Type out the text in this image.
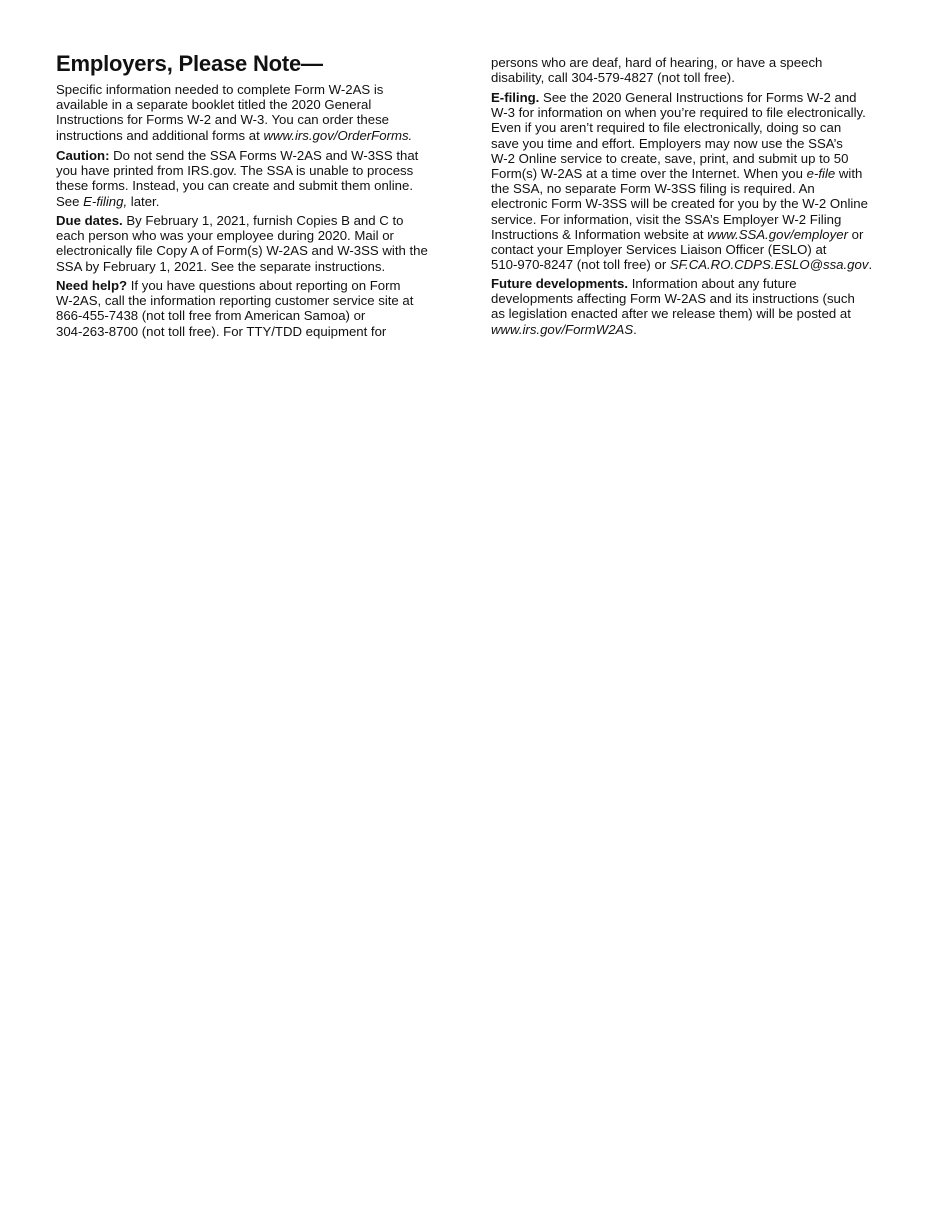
Employers, Please Note—

Specific information needed to complete Form W-2AS is
available in a separate booklet titled the 2020 General
Instructions for Forms W-2 and W-3. You can order these
instructions and additional forms at www.irs.gov/OrderForms.

Caution: Do not send the SSA Forms W-2AS and W-3SS that
you have printed from IRS.gov. The SSA is unable to process
these forms. Instead, you can create and submit them online.
See E-filing, later.

Due dates. By February 1, 2021, furnish Copies B and C to
each person who was your employee during 2020. Mail or
electronically file Copy A of Form(s) W-2AS and W-3SS with the
SSA by February 1, 2021. See the separate instructions.

Need help? If you have questions about reporting on Form
W-2AS, call the information reporting customer service site at
866-455-7438 (not toll free from American Samoa) or
304-263-8700 (not toll free). For TTY/TDD equipment for

persons who are deaf, hard of hearing, or have a speech
disability, call 304-579-4827 (not toll free).

E-filing. See the 2020 General Instructions for Forms W-2 and
W-3 for information on when you’re required to file electronically.
Even if you aren’t required to file electronically, doing so can
save you time and effort. Employers may now use the SSA’s
W-2 Online service to create, save, print, and submit up to 50
Form(s) W-2AS at a time over the Internet. When you e-file with
the SSA, no separate Form W-3SS filing is required. An
electronic Form W-3SS will be created for you by the W-2 Online
service. For information, visit the SSA’s Employer W-2 Filing
Instructions & Information website at www.SSA.gov/employer or
contact your Employer Services Liaison Officer (ESLO) at
510-970-8247 (not toll free) or SF.CA.RO.CDPS.ESLO@ssa.gov.

Future developments. Information about any future
developments affecting Form W-2AS and its instructions (such
as legislation enacted after we release them) will be posted at
www.irs.gov/FormW2AS.
